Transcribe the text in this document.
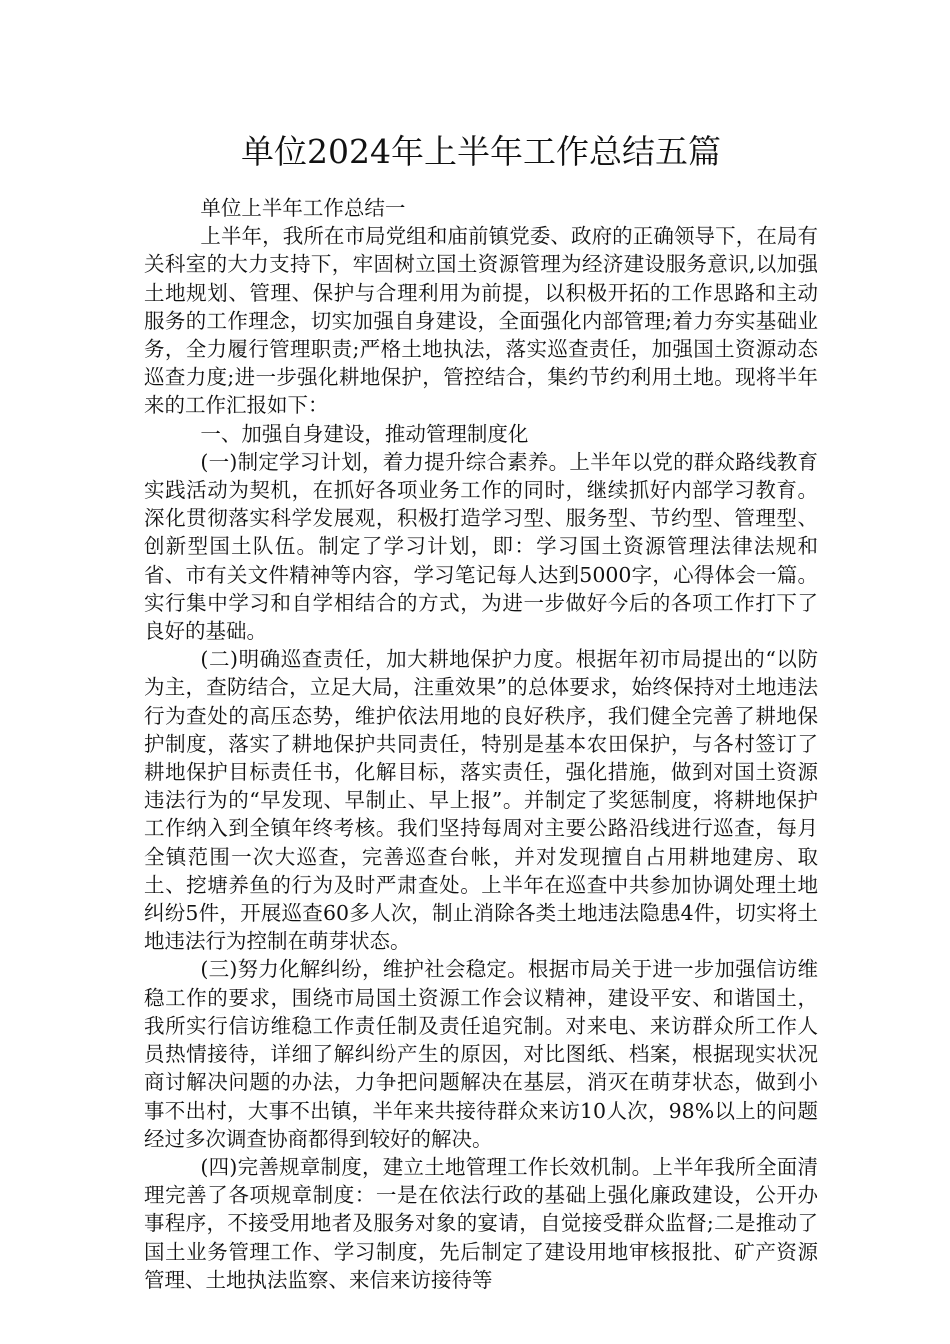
单位2024年上半年工作总结五篇

单位上半年工作总结一

上半年，我所在市局党组和庙前镇党委、政府的正确领导下，在局有关科室的大力支持下，牢固树立国土资源管理为经济建设服务意识,以加强土地规划、管理、保护与合理利用为前提，以积极开拓的工作思路和主动服务的工作理念，切实加强自身建设，全面强化内部管理;着力夯实基础业务，全力履行管理职责;严格土地执法，落实巡查责任，加强国土资源动态巡查力度;进一步强化耕地保护，管控结合，集约节约利用土地。现将半年来的工作汇报如下：

一、加强自身建设，推动管理制度化

(一)制定学习计划，着力提升综合素养。上半年以党的群众路线教育实践活动为契机，在抓好各项业务工作的同时，继续抓好内部学习教育。深化贯彻落实科学发展观，积极打造学习型、服务型、节约型、管理型、创新型国土队伍。制定了学习计划，即：学习国土资源管理法律法规和省、市有关文件精神等内容，学习笔记每人达到5000字，心得体会一篇。实行集中学习和自学相结合的方式，为进一步做好今后的各项工作打下了良好的基础。

(二)明确巡查责任，加大耕地保护力度。根据年初市局提出的“以防为主，查防结合，立足大局，注重效果”的总体要求，始终保持对土地违法行为查处的高压态势，维护依法用地的良好秩序，我们健全完善了耕地保护制度，落实了耕地保护共同责任，特别是基本农田保护，与各村签订了耕地保护目标责任书，化解目标，落实责任，强化措施，做到对国土资源违法行为的“早发现、早制止、早上报”。并制定了奖惩制度，将耕地保护工作纳入到全镇年终考核。我们坚持每周对主要公路沿线进行巡查，每月全镇范围一次大巡查，完善巡查台帐，并对发现擅自占用耕地建房、取土、挖塘养鱼的行为及时严肃查处。上半年在巡查中共参加协调处理土地纠纷5件，开展巡查60多人次，制止消除各类土地违法隐患4件，切实将土地违法行为控制在萌芽状态。

(三)努力化解纠纷，维护社会稳定。根据市局关于进一步加强信访维稳工作的要求，围绕市局国土资源工作会议精神，建设平安、和谐国土，我所实行信访维稳工作责任制及责任追究制。对来电、来访群众所工作人员热情接待，详细了解纠纷产生的原因，对比图纸、档案，根据现实状况商讨解决问题的办法，力争把问题解决在基层，消灭在萌芽状态，做到小事不出村，大事不出镇，半年来共接待群众来访10人次，98%以上的问题经过多次调查协商都得到较好的解决。

(四)完善规章制度，建立土地管理工作长效机制。上半年我所全面清理完善了各项规章制度：一是在依法行政的基础上强化廉政建设，公开办事程序，不接受用地者及服务对象的宴请，自觉接受群众监督;二是推动了国土业务管理工作、学习制度，先后制定了建设用地审核报批、矿产资源管理、土地执法监察、来信来访接待等
